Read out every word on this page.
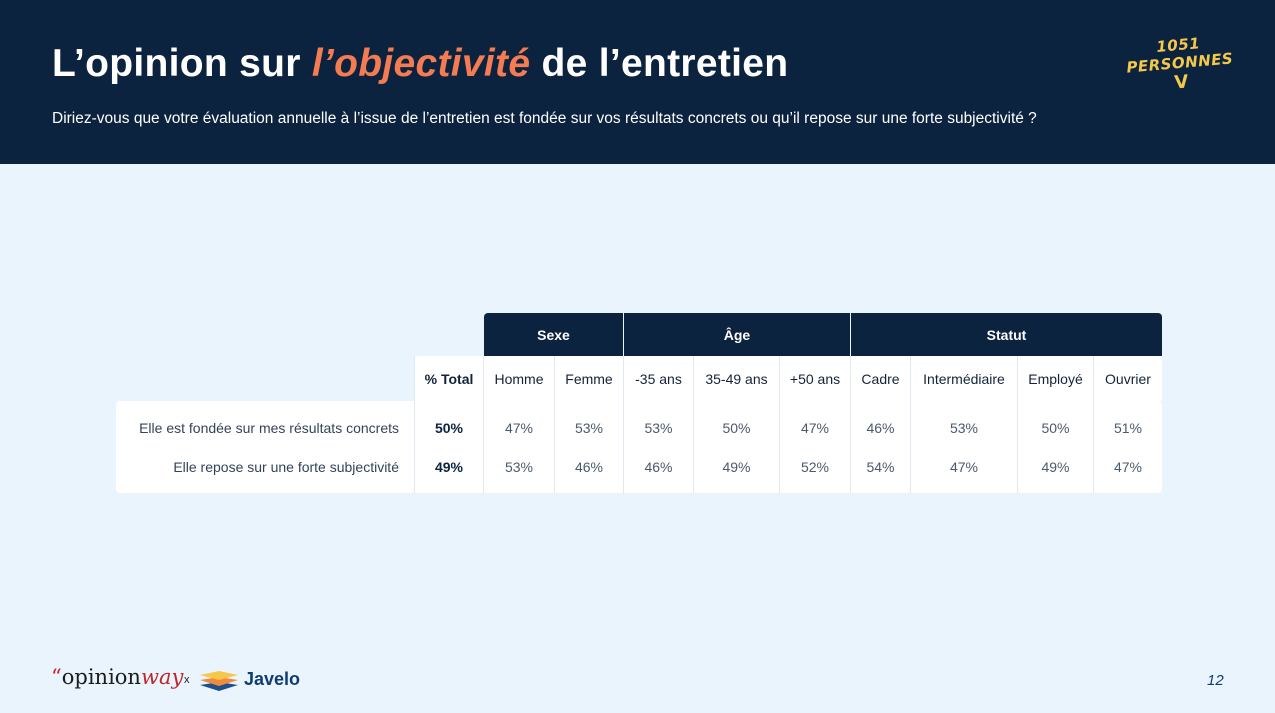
L’opinion sur l’objectivité de l’entretien
Diriez-vous que votre évaluation annuelle à l’issue de l’entretien est fondée sur vos résultats concrets ou qu’il repose sur une forte subjectivité ?
1051 PERSONNES
V
Sexe	Âge	Statut
% Total	Homme	Femme	-35 ans	35-49 ans	+50 ans	Cadre	Intermédiaire	Employé	Ouvrier
Elle est fondée sur mes résultats concrets	50%	47%	53%	53%	50%	47%	46%	53%	50%	51%
Elle repose sur une forte subjectivité	49%	53%	46%	46%	49%	52%	54%	47%	49%	47%
“opinionway x	Javelo	12
